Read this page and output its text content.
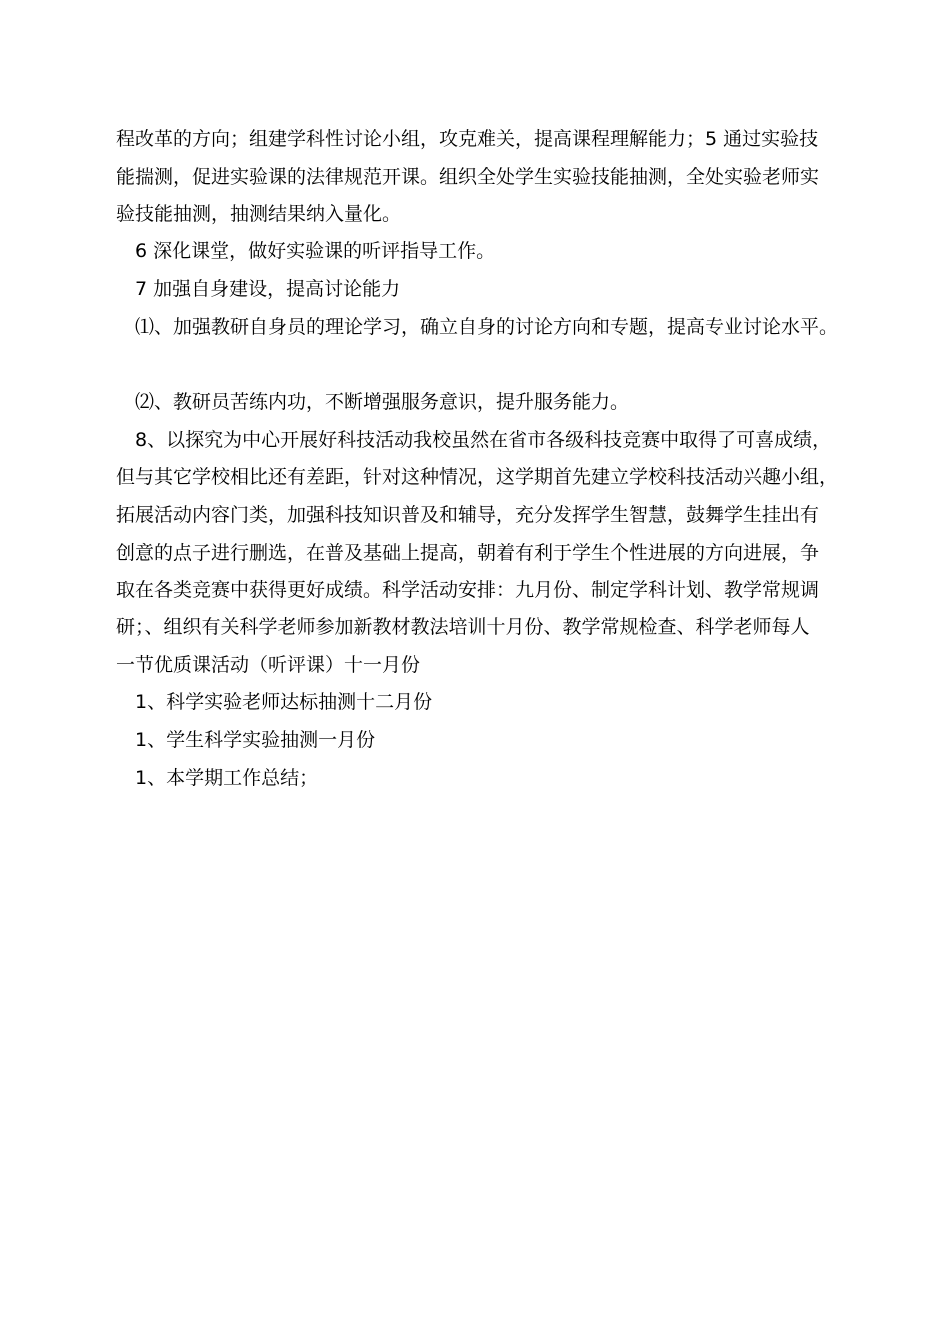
程改革的方向；组建学科性讨论小组，攻克难关，提高课程理解能力；5 通过实验技
能揣测，促进实验课的法律规范开课。组织全处学生实验技能抽测，全处实验老师实
验技能抽测，抽测结果纳入量化。
6 深化课堂，做好实验课的听评指导工作。
7 加强自身建设，提高讨论能力
⑴、加强教研自身员的理论学习，确立自身的讨论方向和专题，提高专业讨论水平。
⑵、教研员苦练内功，不断增强服务意识，提升服务能力。
8、以探究为中心开展好科技活动我校虽然在省市各级科技竞赛中取得了可喜成绩，
但与其它学校相比还有差距，针对这种情况，这学期首先建立学校科技活动兴趣小组，
拓展活动内容门类，加强科技知识普及和辅导，充分发挥学生智慧，鼓舞学生挂出有
创意的点子进行删选，在普及基础上提高，朝着有利于学生个性进展的方向进展，争
取在各类竞赛中获得更好成绩。科学活动安排：九月份、制定学科计划、教学常规调
研；、组织有关科学老师参加新教材教法培训十月份、教学常规检查、科学老师每人
一节优质课活动（听评课）十一月份
1、科学实验老师达标抽测十二月份
1、学生科学实验抽测一月份
1、本学期工作总结；
